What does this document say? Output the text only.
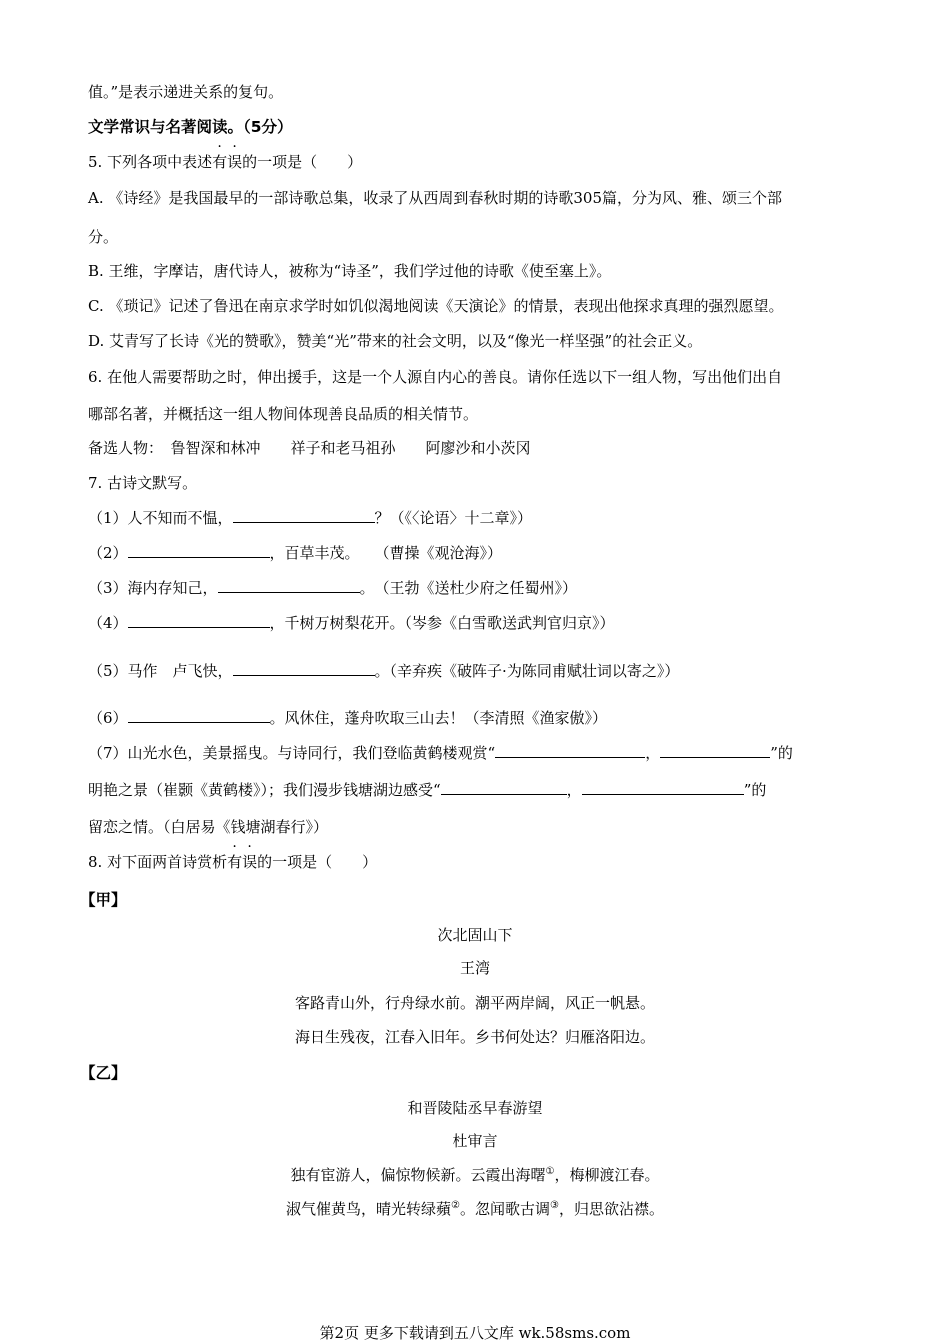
值。”是表示递进关系的复句。
文学常识与名著阅读。（5分）
5. 下列各项中表述有误的一项是（　　）
A. 《诗经》是我国最早的一部诗歌总集，收录了从西周到春秋时期的诗歌305篇，分为风、雅、颂三个部
分。
B. 王维，字摩诘，唐代诗人，被称为“诗圣”，我们学过他的诗歌《使至塞上》。
C. 《琐记》记述了鲁迅在南京求学时如饥似渴地阅读《天演论》的情景，表现出他探求真理的强烈愿望。
D. 艾青写了长诗《光的赞歌》，赞美“光”带来的社会文明，以及“像光一样坚强”的社会正义。
6. 在他人需要帮助之时，伸出援手，这是一个人源自内心的善良。请你任选以下一组人物，写出他们出自
哪部名著，并概括这一组人物间体现善良品质的相关情节。
备选人物：　鲁智深和林冲　　祥子和老马祖孙　　阿廖沙和小茨冈
7. 古诗文默写。
（1）人不知而不愠，	？（《〈论语〉十二章》）
（2）	，百草丰茂。　　（曹操《观沧海》）
（3）海内存知己，	。　（王勃《送杜少府之任蜀州》）
（4）	，千树万树梨花开。（岑参《白雪歌送武判官归京》）
（5）马作　卢飞快，	。（辛弃疾《破阵子·为陈同甫赋壮词以寄之》）
（6）	。风休住，蓬舟吹取三山去！（李清照《渔家傲》）
（7）山光水色，美景摇曳。与诗同行，我们登临黄鹤楼观赏“	，	”的
明艳之景（崔颢《黄鹤楼》）；我们漫步钱塘湖边感受“	，	”的
留恋之情。（白居易《钱塘湖春行》）
8. 对下面两首诗赏析有误的一项是（　　）
【甲】
次北固山下
王湾
客路青山外，行舟绿水前。潮平两岸阔，风正一帆悬。
海日生残夜，江春入旧年。乡书何处达？归雁洛阳边。
【乙】
和晋陵陆丞早春游望
杜审言
独有宦游人，偏惊物候新。云霞出海曙①，梅柳渡江春。
淑气催黄鸟，晴光转绿蘋②。忽闻歌古调③，归思欲沾襟。
第2页 更多下载请到五八文库 wk.58sms.com
